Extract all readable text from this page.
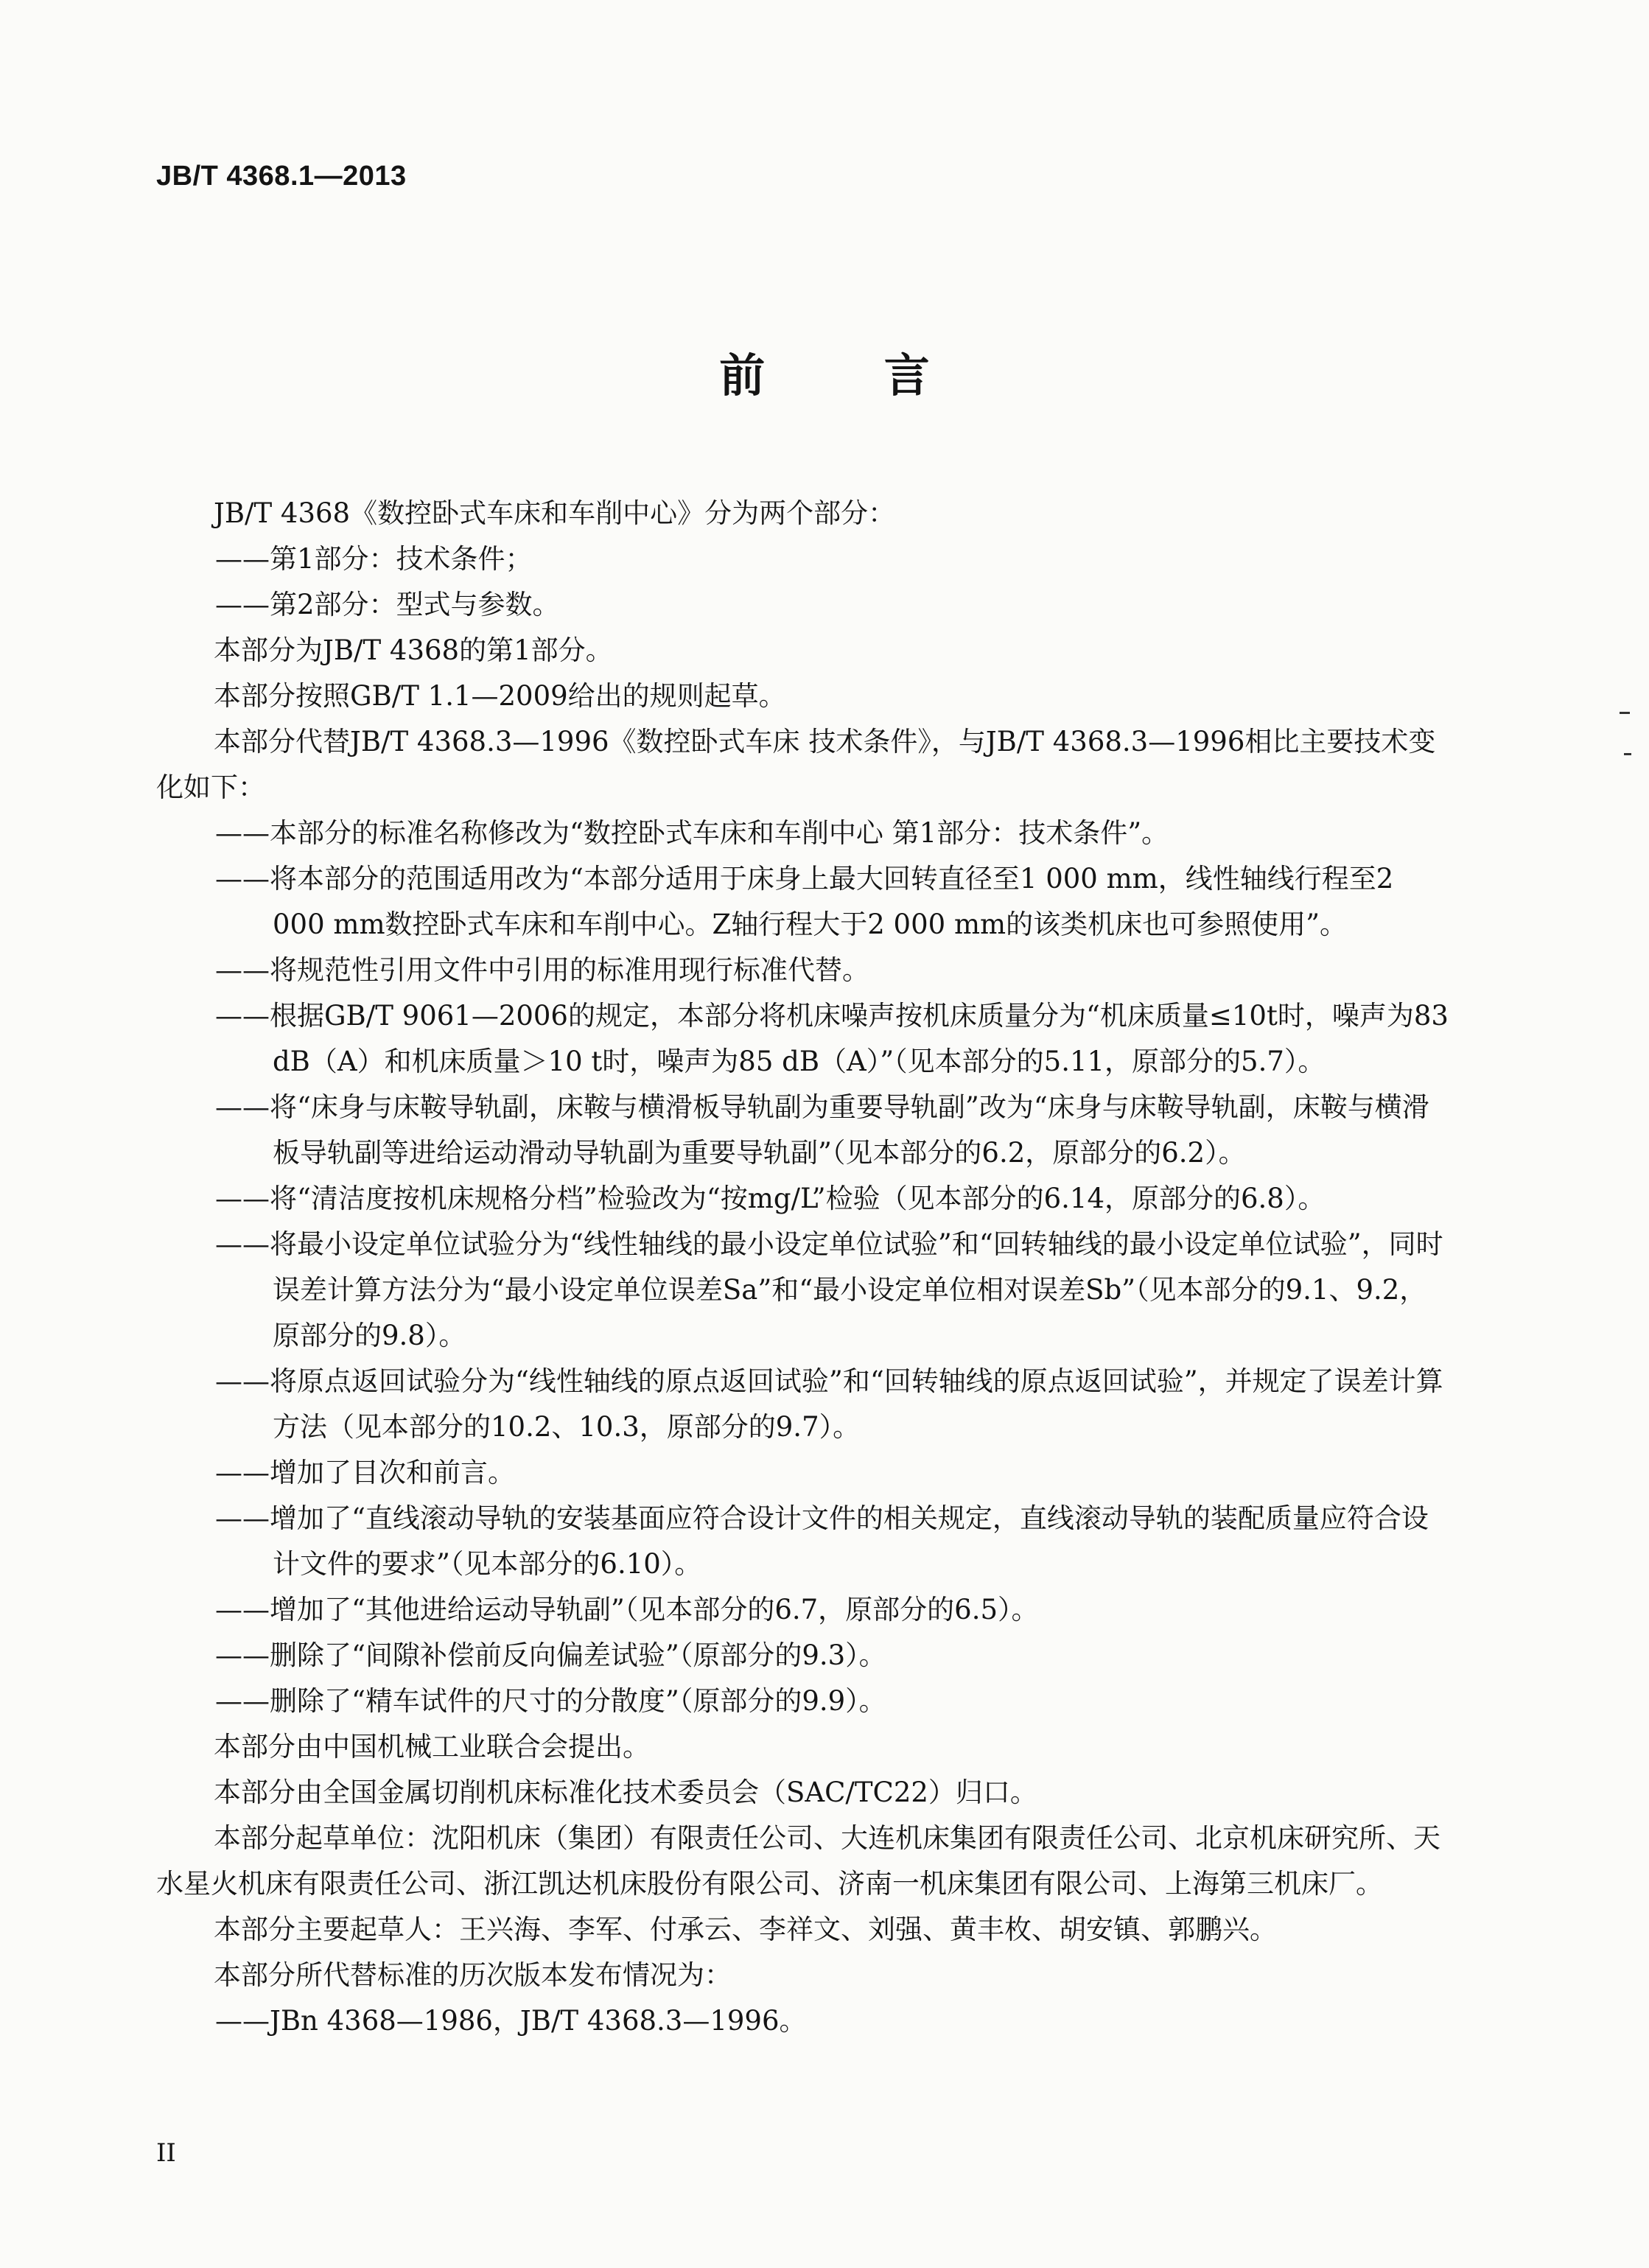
JB/T 4368.1—2013
前 言

JB/T 4368《数控卧式车床和车削中心》分为两个部分：

——第1部分：技术条件；

——第2部分：型式与参数。

本部分为JB/T 4368的第1部分。

本部分按照GB/T 1.1—2009给出的规则起草。

本部分代替JB/T 4368.3—1996《数控卧式车床 技术条件》，与JB/T 4368.3—1996相比主要技术变化如下：

——本部分的标准名称修改为“数控卧式车床和车削中心 第1部分：技术条件”。

——将本部分的范围适用改为“本部分适用于床身上最大回转直径至1 000 mm，线性轴线行程至2 000 mm数控卧式车床和车削中心。Z轴行程大于2 000 mm的该类机床也可参照使用”。

——将规范性引用文件中引用的标准用现行标准代替。

——根据GB/T 9061—2006的规定，本部分将机床噪声按机床质量分为“机床质量≤10t时，噪声为83 dB（A）和机床质量＞10 t时，噪声为85 dB（A）”（见本部分的5.11，原部分的5.7）。

——将“床身与床鞍导轨副，床鞍与横滑板导轨副为重要导轨副”改为“床身与床鞍导轨副，床鞍与横滑板导轨副等进给运动滑动导轨副为重要导轨副”（见本部分的6.2，原部分的6.2）。

——将“清洁度按机床规格分档”检验改为“按mg/L”检验（见本部分的6.14，原部分的6.8）。

——将最小设定单位试验分为“线性轴线的最小设定单位试验”和“回转轴线的最小设定单位试验”，同时误差计算方法分为“最小设定单位误差Sa”和“最小设定单位相对误差Sb”（见本部分的9.1、9.2，原部分的9.8）。

——将原点返回试验分为“线性轴线的原点返回试验”和“回转轴线的原点返回试验”，并规定了误差计算方法（见本部分的10.2、10.3，原部分的9.7）。

——增加了目次和前言。

——增加了“直线滚动导轨的安装基面应符合设计文件的相关规定，直线滚动导轨的装配质量应符合设计文件的要求”（见本部分的6.10）。

——增加了“其他进给运动导轨副”（见本部分的6.7，原部分的6.5）。

——删除了“间隙补偿前反向偏差试验”（原部分的9.3）。

——删除了“精车试件的尺寸的分散度”（原部分的9.9）。

本部分由中国机械工业联合会提出。

本部分由全国金属切削机床标准化技术委员会（SAC/TC22）归口。

本部分起草单位：沈阳机床（集团）有限责任公司、大连机床集团有限责任公司、北京机床研究所、天水星火机床有限责任公司、浙江凯达机床股份有限公司、济南一机床集团有限公司、上海第三机床厂。

本部分主要起草人：王兴海、李军、付承云、李祥文、刘强、黄丰枚、胡安镇、郭鹏兴。

本部分所代替标准的历次版本发布情况为：

——JBn 4368—1986，JB/T 4368.3—1996。

II
